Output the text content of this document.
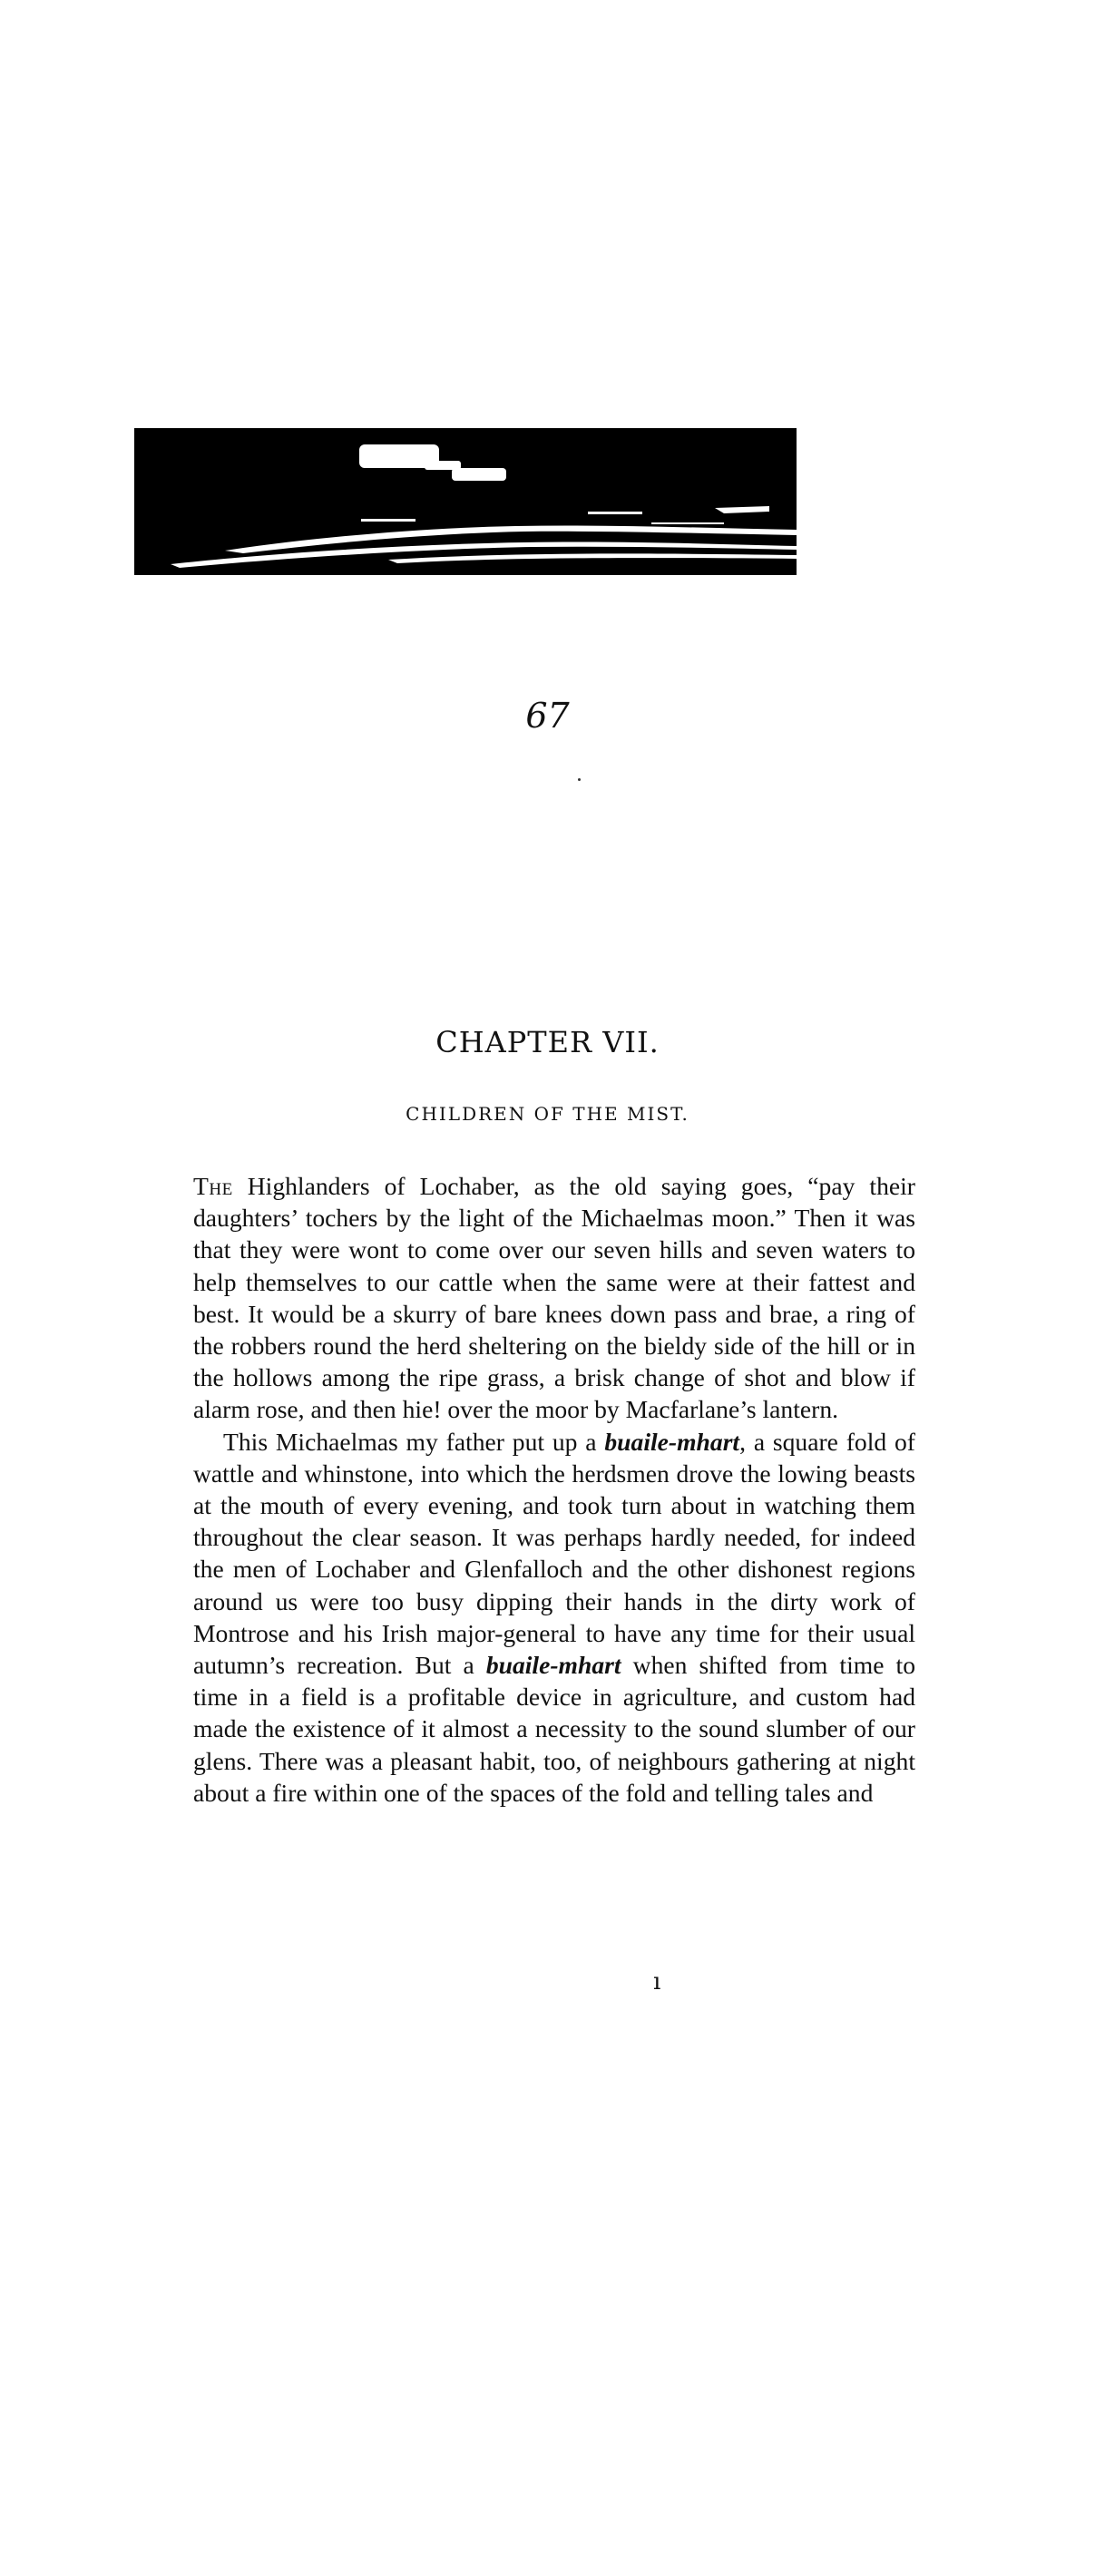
67
CHAPTER VII.
CHILDREN OF THE MIST.

The Highlanders of Lochaber, as the old saying goes, “pay their daughters’ tochers by the light of the Michaelmas moon.” Then it was that they were wont to come over our seven hills and seven waters to help themselves to our cattle when the same were at their fattest and best. It would be a skurry of bare knees down pass and brae, a ring of the robbers round the herd sheltering on the bieldy side of the hill or in the hollows among the ripe grass, a brisk change of shot and blow if alarm rose, and then hie! over the moor by Macfarlane’s lantern.

This Michaelmas my father put up a buaile-mhart, a square fold of wattle and whinstone, into which the herdsmen drove the lowing beasts at the mouth of every evening, and took turn about in watching them throughout the clear season. It was perhaps hardly needed, for indeed the men of Lochaber and Glenfalloch and the other dishonest regions around us were too busy dipping their hands in the dirty work of Montrose and his Irish major-general to have any time for their usual autumn’s recreation. But a buaile-mhart when shifted from time to time in a field is a profitable device in agriculture, and custom had made the existence of it almost a necessity to the sound slumber of our glens. There was a pleasant habit, too, of neighbours gathering at night about a fire within one of the spaces of the fold and telling tales and

ı
